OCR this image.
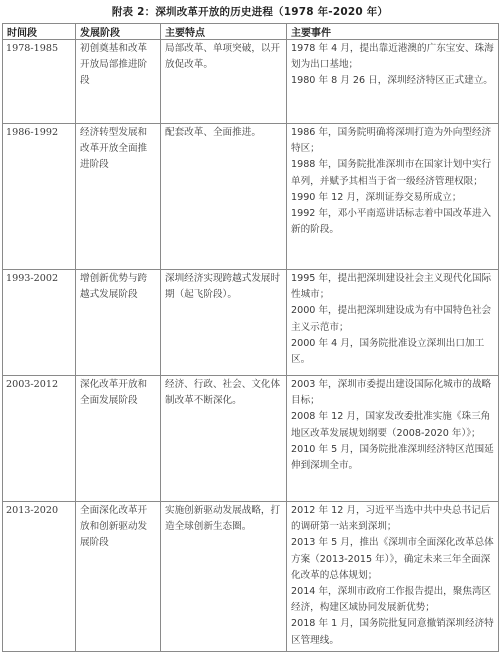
附表 2：深圳改革开放的历史进程（1978 年-2020 年）
时间段	发展阶段	主要特点	主要事件
1978-1985	初创奠基和改革开放局部推进阶段	局部改革、单项突破，以开放促改革。	1978 年 4 月，提出靠近港澳的广东宝安、珠海划为出口基地；
1980 年 8 月 26 日，深圳经济特区正式建立。

1986-1992	经济转型发展和改革开放全面推进阶段	配套改革、全面推进。	1986 年，国务院明确将深圳打造为外向型经济特区；
1988 年，国务院批准深圳市在国家计划中实行单列，并赋予其相当于省一级经济管理权限；
1990 年 12 月，深圳证券交易所成立；
1992 年，邓小平南巡讲话标志着中国改革进入新的阶段。

1993-2002	增创新优势与跨越式发展阶段	深圳经济实现跨越式发展时期（起飞阶段）。	1995 年，提出把深圳建设社会主义现代化国际性城市；
2000 年，提出把深圳建设成为有中国特色社会主义示范市；
2000 年 4 月，国务院批准设立深圳出口加工区。

2003-2012	深化改革开放和全面发展阶段	经济、行政、社会、文化体制改革不断深化。	2003 年，深圳市委提出建设国际化城市的战略目标；
2008 年 12 月，国家发改委批准实施《珠三角地区改革发展规划纲要（2008-2020 年）》；
2010 年 5 月，国务院批准深圳经济特区范围延伸到深圳全市。

2013-2020	全面深化改革开放和创新驱动发展阶段	实施创新驱动发展战略，打造全球创新生态圈。	2012 年 12 月，习近平当选中共中央总书记后的调研第一站来到深圳；
2013 年 5 月，推出《深圳市全面深化改革总体方案（2013-2015 年）》，确定未来三年全面深化改革的总体规划；
2014 年，深圳市政府工作报告提出，聚焦湾区经济，构建区域协同发展新优势；
2018 年 1 月，国务院批复同意撤销深圳经济特区管理线。
